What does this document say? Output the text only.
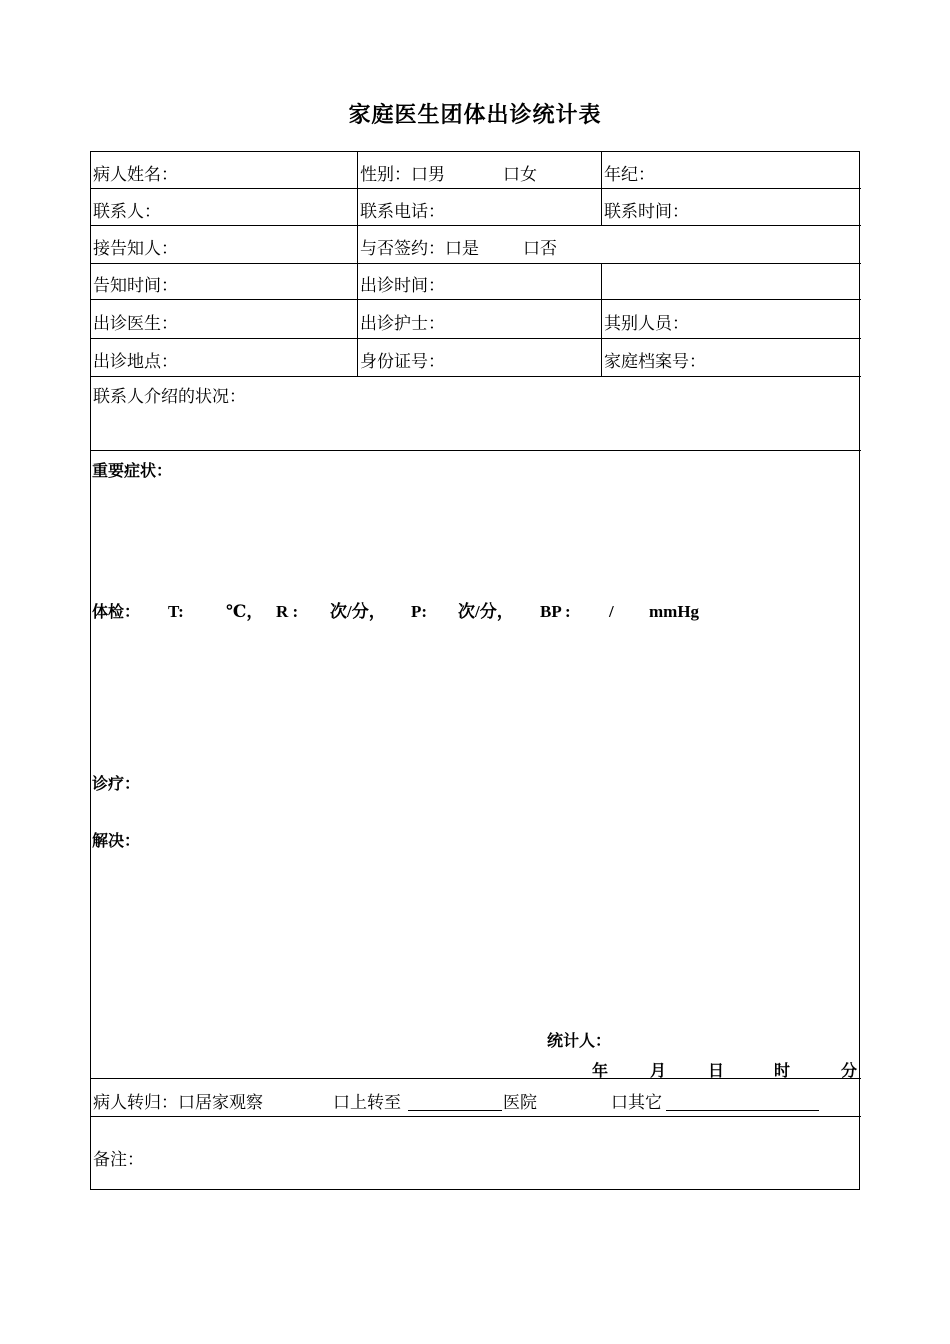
家庭医生团体出诊统计表
病人姓名：	性别：口男	口女	年纪：
联系人：	联系电话：	联系时间：
接告知人：	与否签约：口是	口否
告知时间：	出诊时间：
出诊医生：	出诊护士：	其别人员：
出诊地点：	身份证号：	家庭档案号：
联系人介绍的状况：
重要症状：
体检： T: ℃， R : 次/分， P: 次/分， BP : / mmHg
诊疗：
解决：
统计人：
年	月	日	时	分
病人转归：口居家观察	口上转至	医院	口其它
备注：
